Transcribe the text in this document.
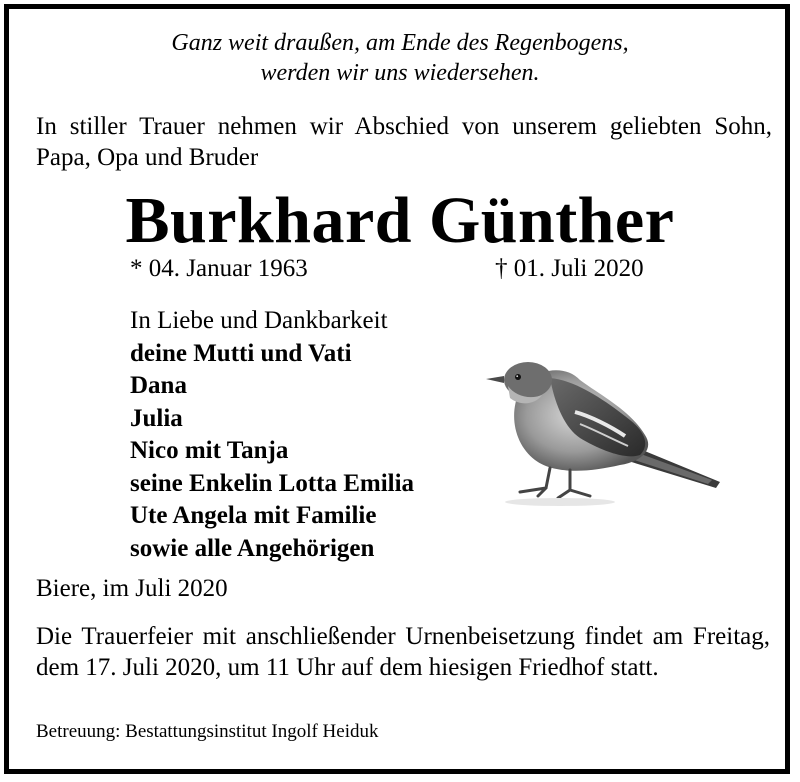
Ganz weit draußen, am Ende des Regenbogens,
werden wir uns wiedersehen.
In stiller Trauer nehmen wir Abschied von unserem geliebten Sohn, Papa, Opa und Bruder
Burkhard Günther
* 04. Januar 1963	† 01. Juli 2020
In Liebe und Dankbarkeit
deine Mutti und Vati
Dana
Julia
Nico mit Tanja
seine Enkelin Lotta Emilia
Ute Angela mit Familie
sowie alle Angehörigen
Biere, im Juli 2020
Die Trauerfeier mit anschließender Urnenbeisetzung findet am Freitag, dem 17. Juli 2020, um 11 Uhr auf dem hiesigen Friedhof statt.
Betreuung: Bestattungsinstitut Ingolf Heiduk
